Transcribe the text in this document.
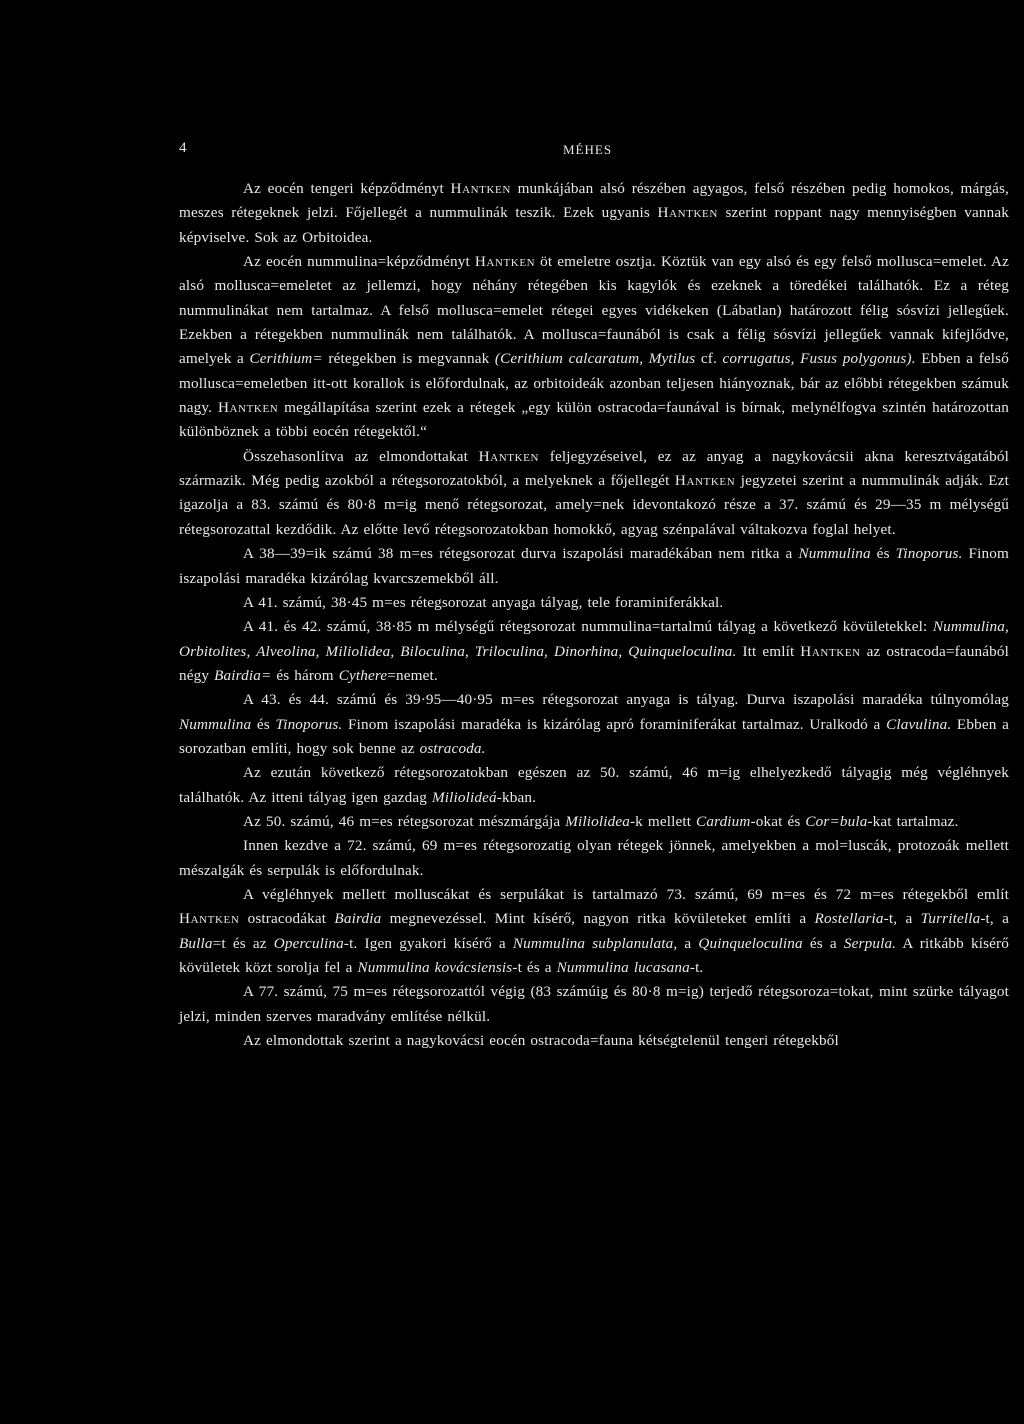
4	MÉHES

Az eocén tengeri képződményt Hantken munkájában alsó részében agyagos, felső részében pedig homokos, márgás, meszes rétegeknek jelzi. Főjellegét a nummulinák teszik. Ezek ugyanis Hantken szerint roppant nagy mennyiségben vannak képviselve. Sok az Orbitoidea.

Az eocén nummulina=képződményt Hantken öt emeletre osztja. Köztük van egy alsó és egy felső mollusca=emelet. Az alsó mollusca=emeletet az jellemzi, hogy néhány rétegében kis kagylók és ezeknek a töredékei találhatók. Ez a réteg nummulinákat nem tartalmaz. A felső mollusca=emelet rétegei egyes vidékeken (Lábatlan) határozott félig sósvízi jellegűek. Ezekben a rétegekben nummulinák nem találhatók. A mollusca=faunából is csak a félig sósvízi jellegűek vannak kifejlődve, amelyek a Cerithium= rétegekben is megvannak (Cerithium calcaratum, Mytilus cf. corrugatus, Fusus polygonus). Ebben a felső mollusca=emeletben itt-ott korallok is előfordulnak, az orbitoideák azonban teljesen hiányoznak, bár az előbbi rétegekben számuk nagy. Hantken megállapítása szerint ezek a rétegek „egy külön ostracoda=faunával is bírnak, melynélfogva szintén határozottan különböznek a többi eocén rétegektől.“

Összehasonlítva az elmondottakat Hantken feljegyzéseivel, ez az anyag a nagykovácsii akna keresztvágatából származik. Még pedig azokból a rétegsorozatokból, a melyeknek a főjellegét Hantken jegyzetei szerint a nummulinák adják. Ezt igazolja a 83. számú és 80·8 m=ig menő rétegsorozat, amely=nek idevontakozó része a 37. számú és 29—35 m mélységű rétegsorozattal kezdődik. Az előtte levő rétegsorozatokban homokkő, agyag szénpalával váltakozva foglal helyet.

A 38—39=ik számú 38 m=es rétegsorozat durva iszapolási maradékában nem ritka a Nummulina és Tinoporus. Finom iszapolási maradéka kizárólag kvarcszemekből áll.

A 41. számú, 38·45 m=es rétegsorozat anyaga tályag, tele foraminiferákkal.

A 41. és 42. számú, 38·85 m mélységű rétegsorozat nummulina=tartalmú tályag a következő kövületekkel: Nummulina, Orbitolites, Alveolina, Miliolidea, Biloculina, Triloculina, Dinorhina, Quinqueloculina. Itt említ Hantken az ostracoda=faunából négy Bairdia= és három Cythere=nemet.

A 43. és 44. számú és 39·95—40·95 m=es rétegsorozat anyaga is tályag. Durva iszapolási maradéka túlnyomólag Nummulina és Tinoporus. Finom iszapolási maradéka is kizárólag apró foraminiferákat tartalmaz. Uralkodó a Clavulina. Ebben a sorozatban említi, hogy sok benne az ostracoda.

Az ezután következő rétegsorozatokban egészen az 50. számú, 46 m=ig elhelyezkedő tályagig még végléhnyek találhatók. Az itteni tályag igen gazdag Miliolideá-kban.

Az 50. számú, 46 m=es rétegsorozat mészmárgája Miliolidea-k mellett Cardium-okat és Cor=bula-kat tartalmaz.

Innen kezdve a 72. számú, 69 m=es rétegsorozatig olyan rétegek jönnek, amelyekben a mol=luscák, protozoák mellett mészalgák és serpulák is előfordulnak.

A végléhnyek mellett molluscákat és serpulákat is tartalmazó 73. számú, 69 m=es és 72 m=es rétegekből említ Hantken ostracodákat Bairdia megnevezéssel. Mint kísérő, nagyon ritka kövületeket említi a Rostellaria-t, a Turritella-t, a Bulla=t és az Operculina-t. Igen gyakori kísérő a Nummulina subplanulata, a Quinqueloculina és a Serpula. A ritkább kísérő kövületek közt sorolja fel a Nummulina kovácsiensis-t és a Nummulina lucasana-t.

A 77. számú, 75 m=es rétegsorozattól végig (83 számúig és 80·8 m=ig) terjedő rétegsoroza=tokat, mint szürke tályagot jelzi, minden szerves maradvány említése nélkül.

Az elmondottak szerint a nagykovácsi eocén ostracoda=fauna kétségtelenül tengeri rétegekből
